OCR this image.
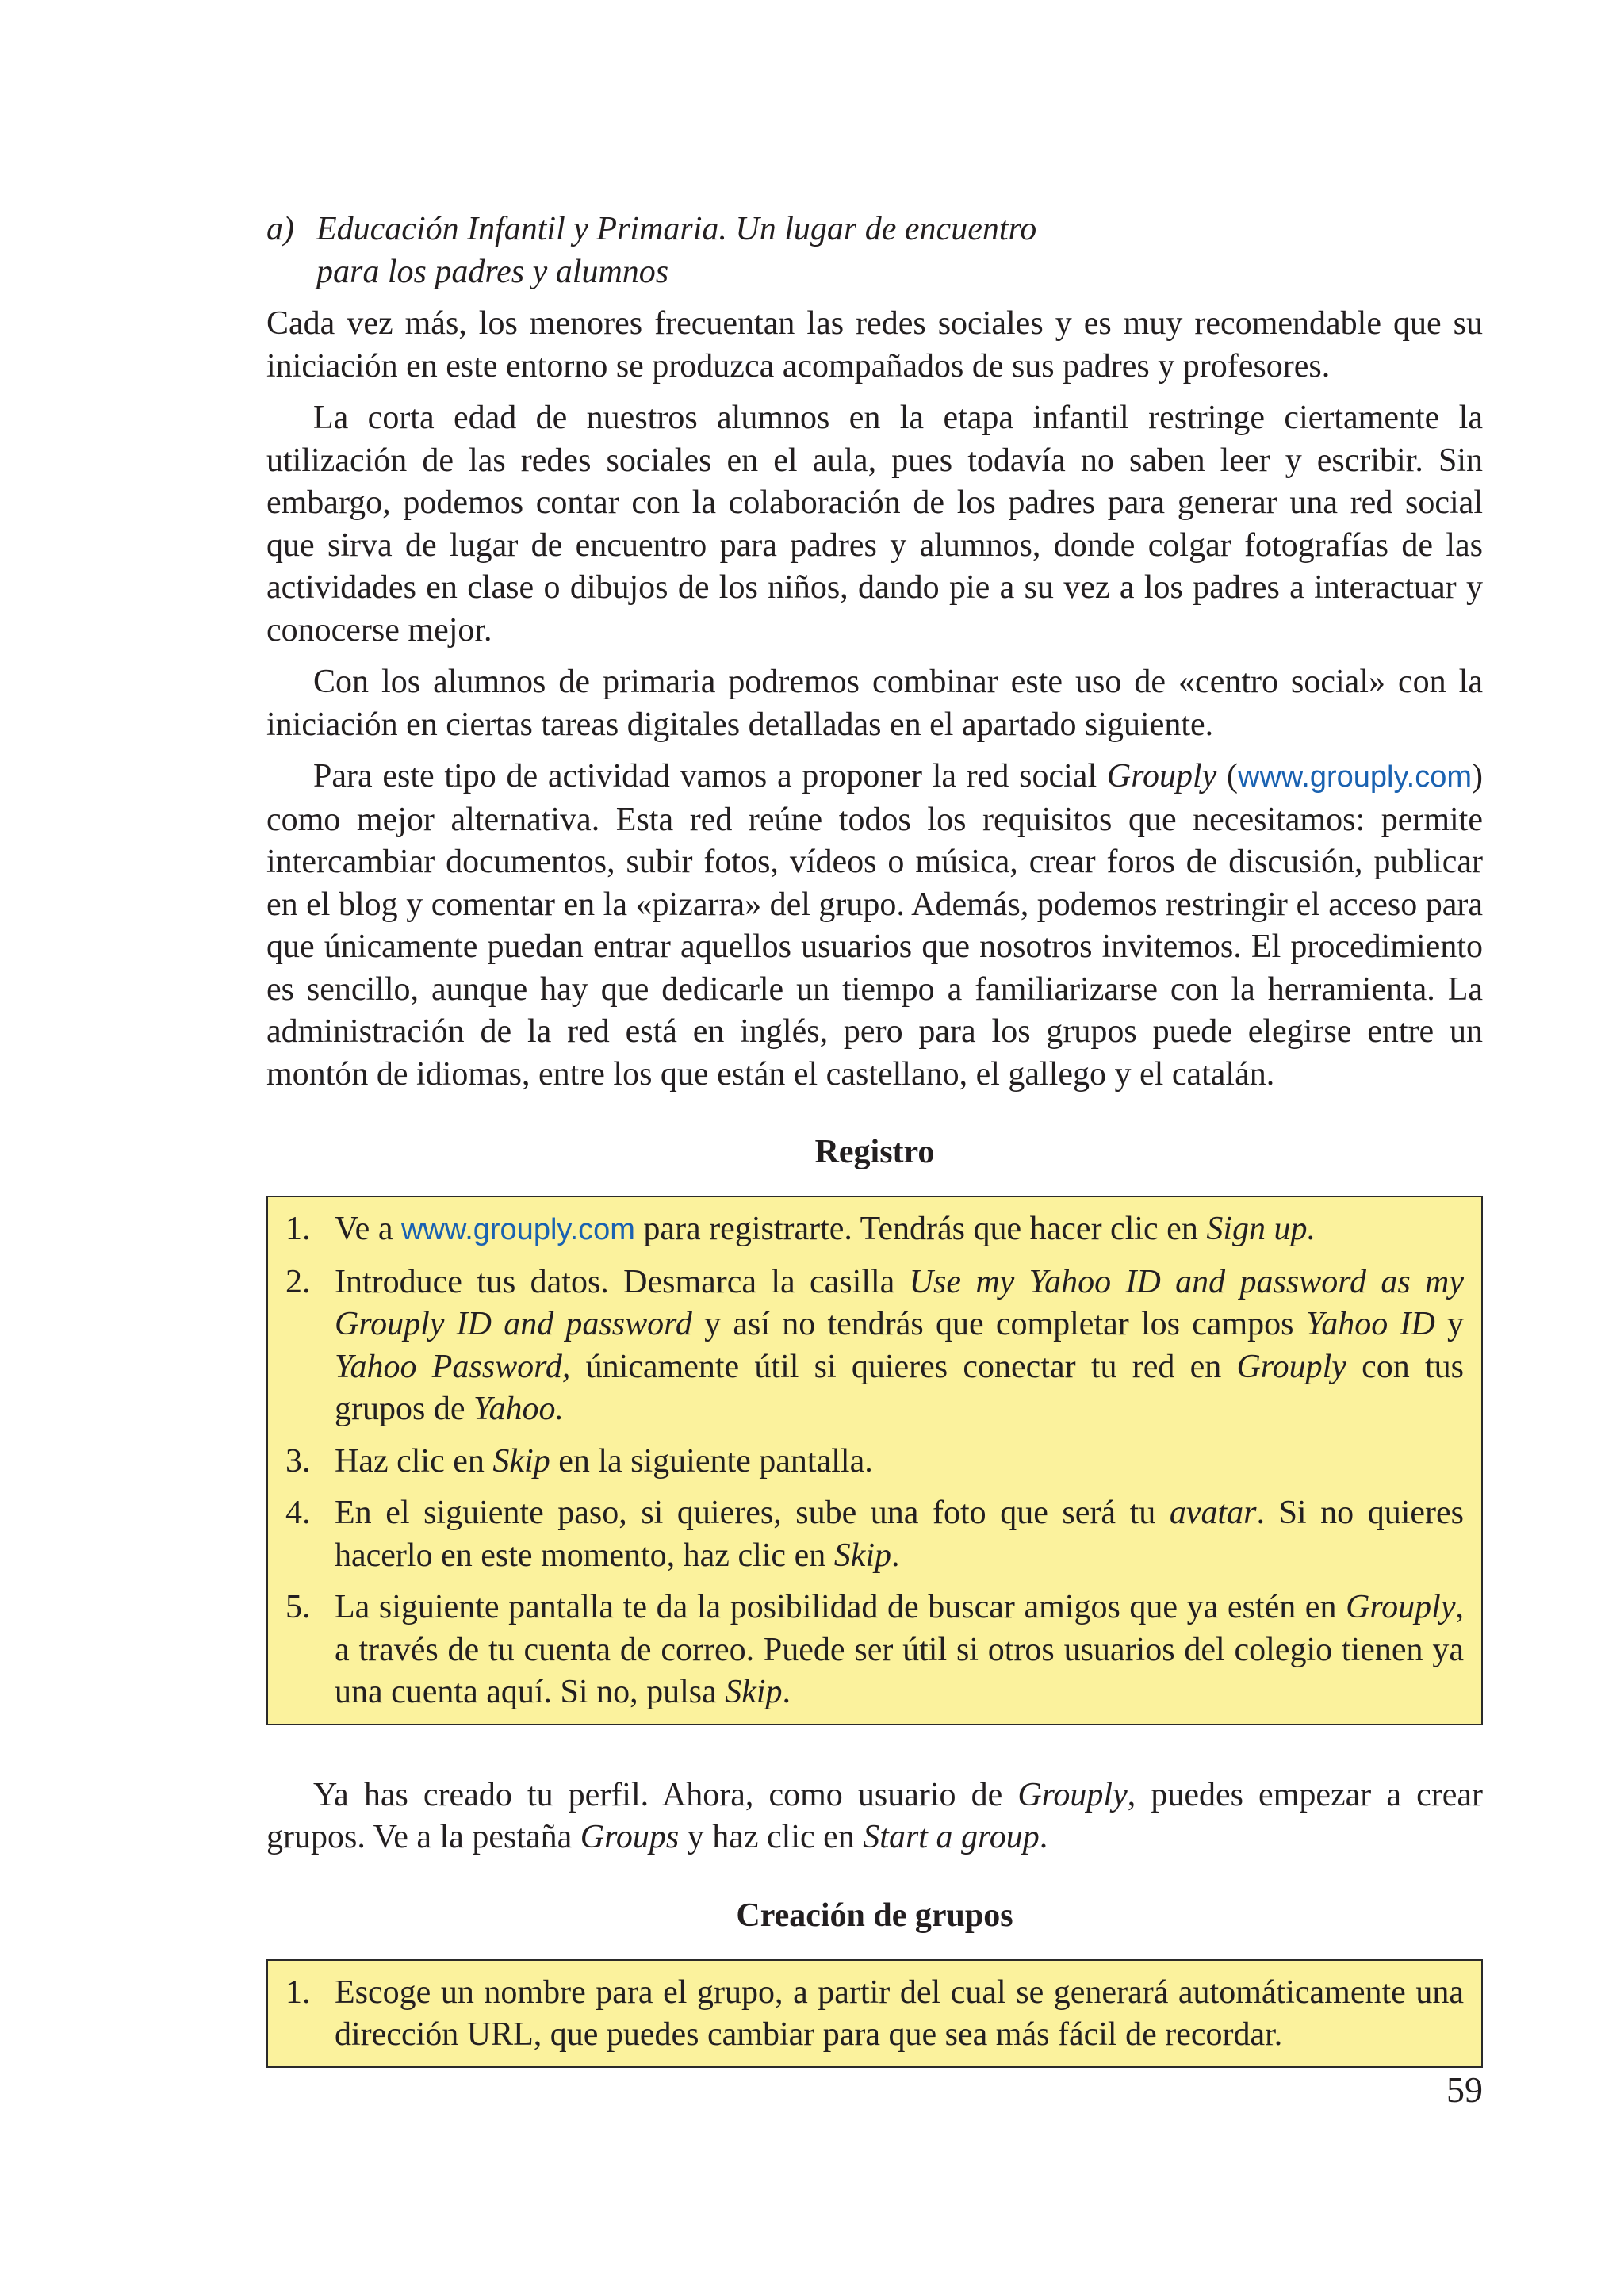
a) Educación Infantil y Primaria. Un lugar de encuentro
para los padres y alumnos

Cada vez más, los menores frecuentan las redes sociales y es muy recomendable que su iniciación en este entorno se produzca acompañados de sus padres y profesores.

La corta edad de nuestros alumnos en la etapa infantil restringe ciertamente la utilización de las redes sociales en el aula, pues todavía no saben leer y escribir. Sin embargo, podemos contar con la colaboración de los padres para generar una red social que sirva de lugar de encuentro para padres y alumnos, donde colgar fotografías de las actividades en clase o dibujos de los niños, dando pie a su vez a los padres a interactuar y conocerse mejor.

Con los alumnos de primaria podremos combinar este uso de «centro social» con la iniciación en ciertas tareas digitales detalladas en el apartado siguiente.

Para este tipo de actividad vamos a proponer la red social Grouply (www.grouply.com) como mejor alternativa. Esta red reúne todos los requisitos que necesitamos: permite intercambiar documentos, subir fotos, vídeos o música, crear foros de discusión, publicar en el blog y comentar en la «pizarra» del grupo. Además, podemos restringir el acceso para que únicamente puedan entrar aquellos usuarios que nosotros invitemos. El procedimiento es sencillo, aunque hay que dedicarle un tiempo a familiarizarse con la herramienta. La administración de la red está en inglés, pero para los grupos puede elegirse entre un montón de idiomas, entre los que están el castellano, el gallego y el catalán.

Registro
1. Ve a www.grouply.com para registrarte. Tendrás que hacer clic en Sign up.
2. Introduce tus datos. Desmarca la casilla Use my Yahoo ID and password as my Grouply ID and password y así no tendrás que completar los campos Yahoo ID y Yahoo Password, únicamente útil si quieres conectar tu red en Grouply con tus grupos de Yahoo.
3. Haz clic en Skip en la siguiente pantalla.
4. En el siguiente paso, si quieres, sube una foto que será tu avatar. Si no quieres hacerlo en este momento, haz clic en Skip.
5. La siguiente pantalla te da la posibilidad de buscar amigos que ya estén en Grouply, a través de tu cuenta de correo. Puede ser útil si otros usuarios del colegio tienen ya una cuenta aquí. Si no, pulsa Skip.

Ya has creado tu perfil. Ahora, como usuario de Grouply, puedes empezar a crear grupos. Ve a la pestaña Groups y haz clic en Start a group.

Creación de grupos
1. Escoge un nombre para el grupo, a partir del cual se generará automáticamente una dirección URL, que puedes cambiar para que sea más fácil de recordar.
59
